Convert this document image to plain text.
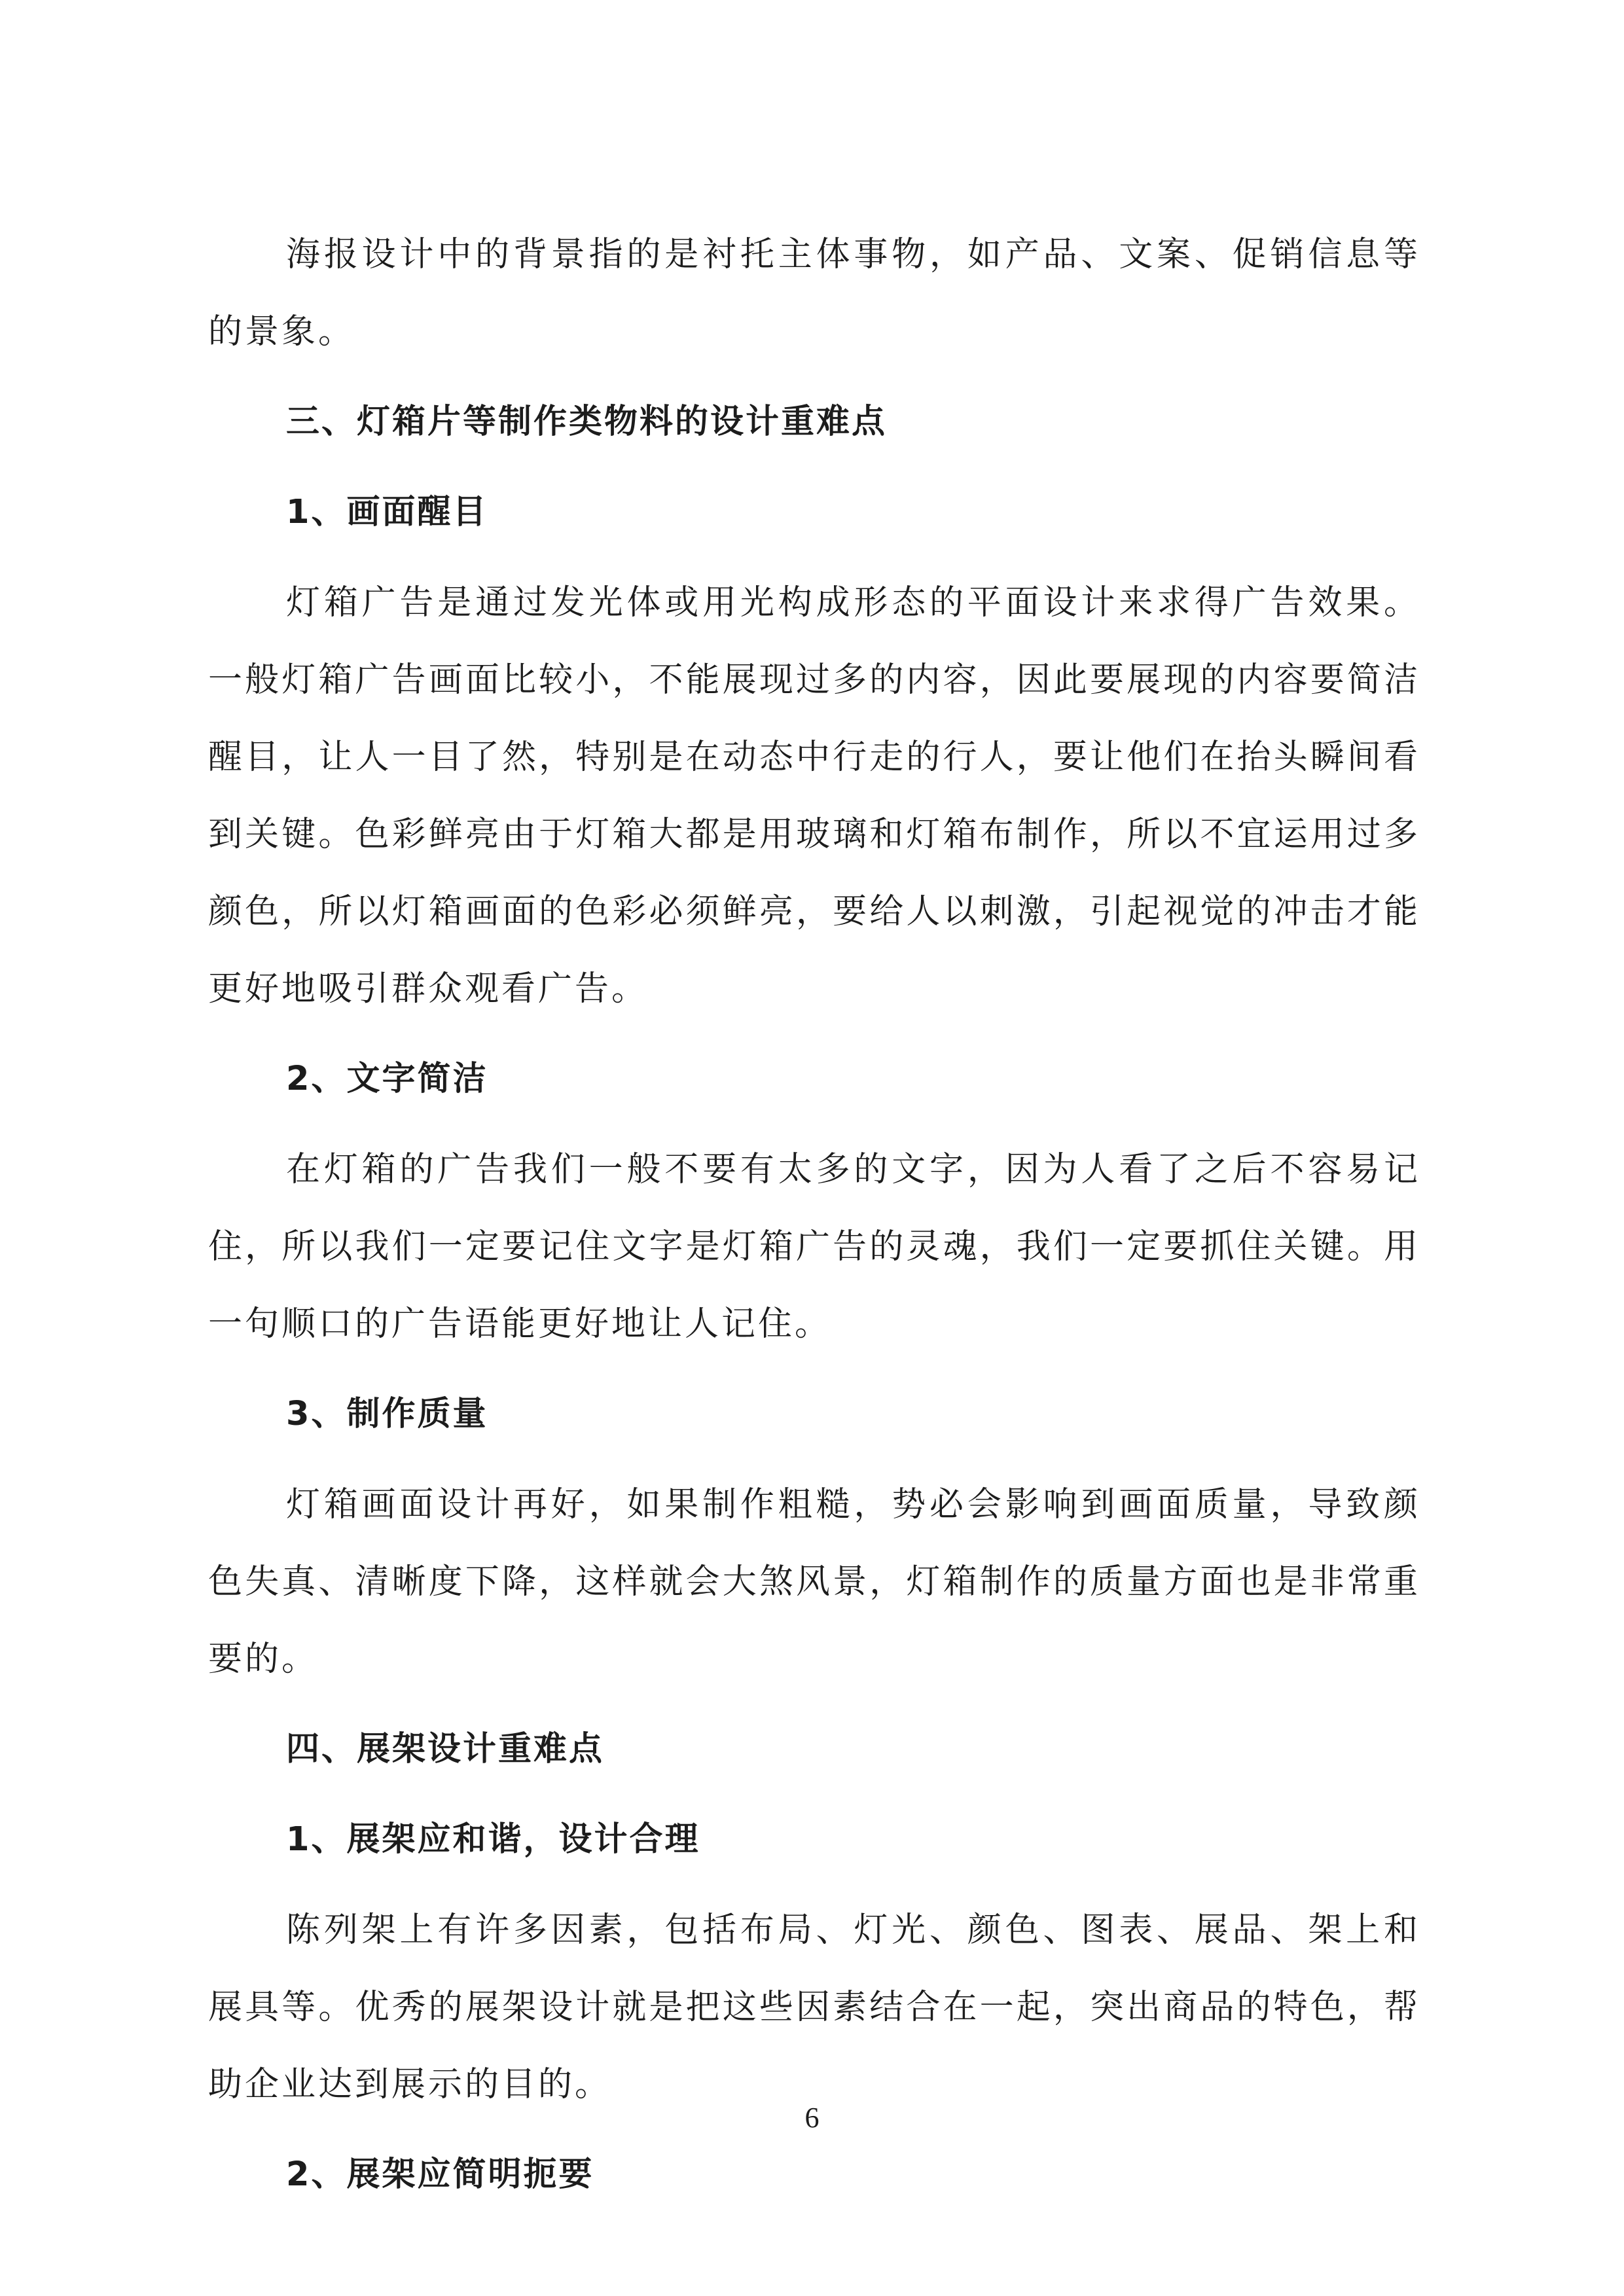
海报设计中的背景指的是衬托主体事物，如产品、文案、促销信息等的景象。

三、灯箱片等制作类物料的设计重难点

1、画面醒目

灯箱广告是通过发光体或用光构成形态的平面设计来求得广告效果。一般灯箱广告画面比较小，不能展现过多的内容，因此要展现的内容要简洁醒目，让人一目了然，特别是在动态中行走的行人，要让他们在抬头瞬间看到关键。色彩鲜亮由于灯箱大都是用玻璃和灯箱布制作，所以不宜运用过多颜色，所以灯箱画面的色彩必须鲜亮，要给人以刺激，引起视觉的冲击才能更好地吸引群众观看广告。

2、文字简洁

在灯箱的广告我们一般不要有太多的文字，因为人看了之后不容易记住，所以我们一定要记住文字是灯箱广告的灵魂，我们一定要抓住关键。用一句顺口的广告语能更好地让人记住。

3、制作质量

灯箱画面设计再好，如果制作粗糙，势必会影响到画面质量，导致颜色失真、清晰度下降，这样就会大煞风景，灯箱制作的质量方面也是非常重要的。

四、展架设计重难点

1、展架应和谐，设计合理

陈列架上有许多因素，包括布局、灯光、颜色、图表、展品、架上和展具等。优秀的展架设计就是把这些因素结合在一起，突出商品的特色，帮助企业达到展示的目的。

2、展架应简明扼要

6
